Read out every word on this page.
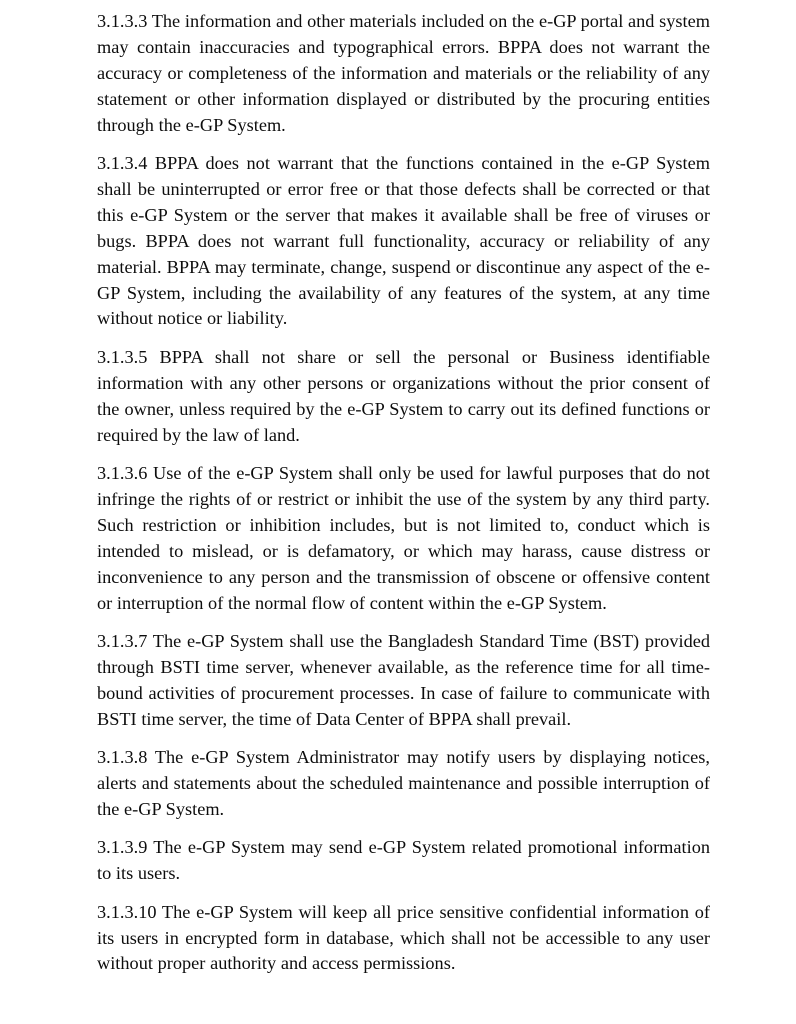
3.1.3.3 The information and other materials included on the e-GP portal and system may contain inaccuracies and typographical errors. BPPA does not warrant the accuracy or completeness of the information and materials or the reliability of any statement or other information displayed or distributed by the procuring entities through the e-GP System.

3.1.3.4 BPPA does not warrant that the functions contained in the e-GP System shall be uninterrupted or error free or that those defects shall be corrected or that this e-GP System or the server that makes it available shall be free of viruses or bugs. BPPA does not warrant full functionality, accuracy or reliability of any material. BPPA may terminate, change, suspend or discontinue any aspect of the e-GP System, including the availability of any features of the system, at any time without notice or liability.

3.1.3.5 BPPA shall not share or sell the personal or Business identifiable information with any other persons or organizations without the prior consent of the owner, unless required by the e-GP System to carry out its defined functions or required by the law of land.

3.1.3.6 Use of the e-GP System shall only be used for lawful purposes that do not infringe the rights of or restrict or inhibit the use of the system by any third party. Such restriction or inhibition includes, but is not limited to, conduct which is intended to mislead, or is defamatory, or which may harass, cause distress or inconvenience to any person and the transmission of obscene or offensive content or interruption of the normal flow of content within the e-GP System.

3.1.3.7 The e-GP System shall use the Bangladesh Standard Time (BST) provided through BSTI time server, whenever available, as the reference time for all time-bound activities of procurement processes. In case of failure to communicate with BSTI time server, the time of Data Center of BPPA shall prevail.

3.1.3.8 The e-GP System Administrator may notify users by displaying notices, alerts and statements about the scheduled maintenance and possible interruption of the e-GP System.

3.1.3.9 The e-GP System may send e-GP System related promotional information to its users.

3.1.3.10 The e-GP System will keep all price sensitive confidential information of its users in encrypted form in database, which shall not be accessible to any user without proper authority and access permissions.
